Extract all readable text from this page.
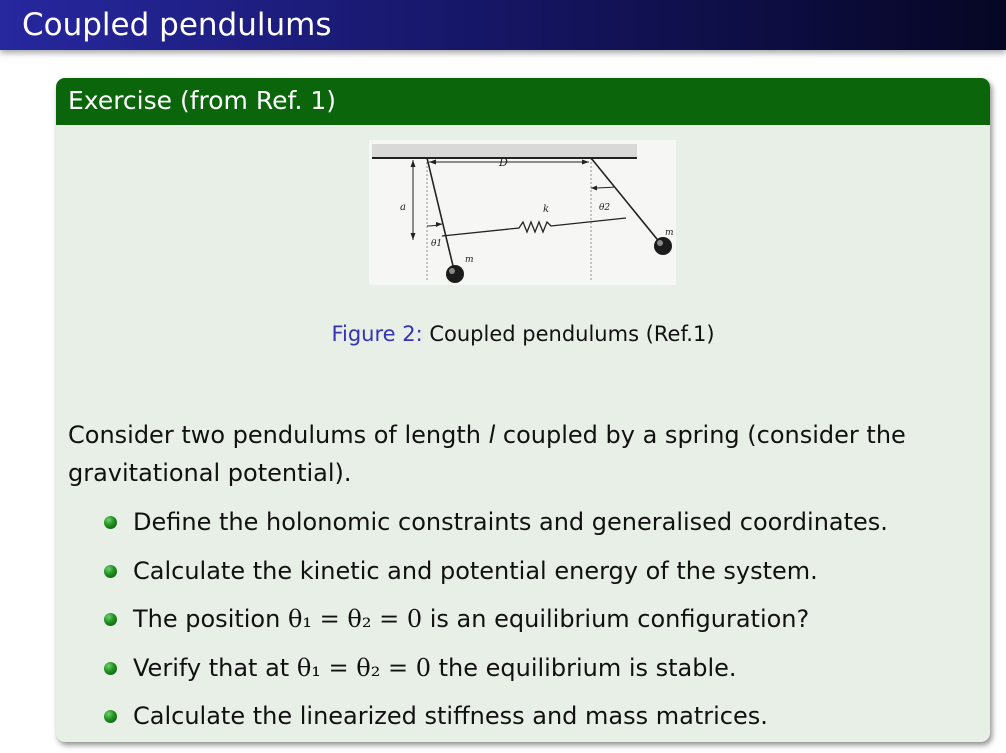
Coupled pendulums
Exercise (from Ref. 1)
D
a	k
θ1
θ2
m
m
Figure 2: Coupled pendulums (Ref.1)
Consider two pendulums of length l coupled by a spring (consider the gravitational potential).
Define the holonomic constraints and generalised coordinates.
Calculate the kinetic and potential energy of the system.
The position θ₁ = θ₂ = 0 is an equilibrium configuration?
Verify that at θ₁ = θ₂ = 0 the equilibrium is stable.
Calculate the linearized stiffness and mass matrices.
